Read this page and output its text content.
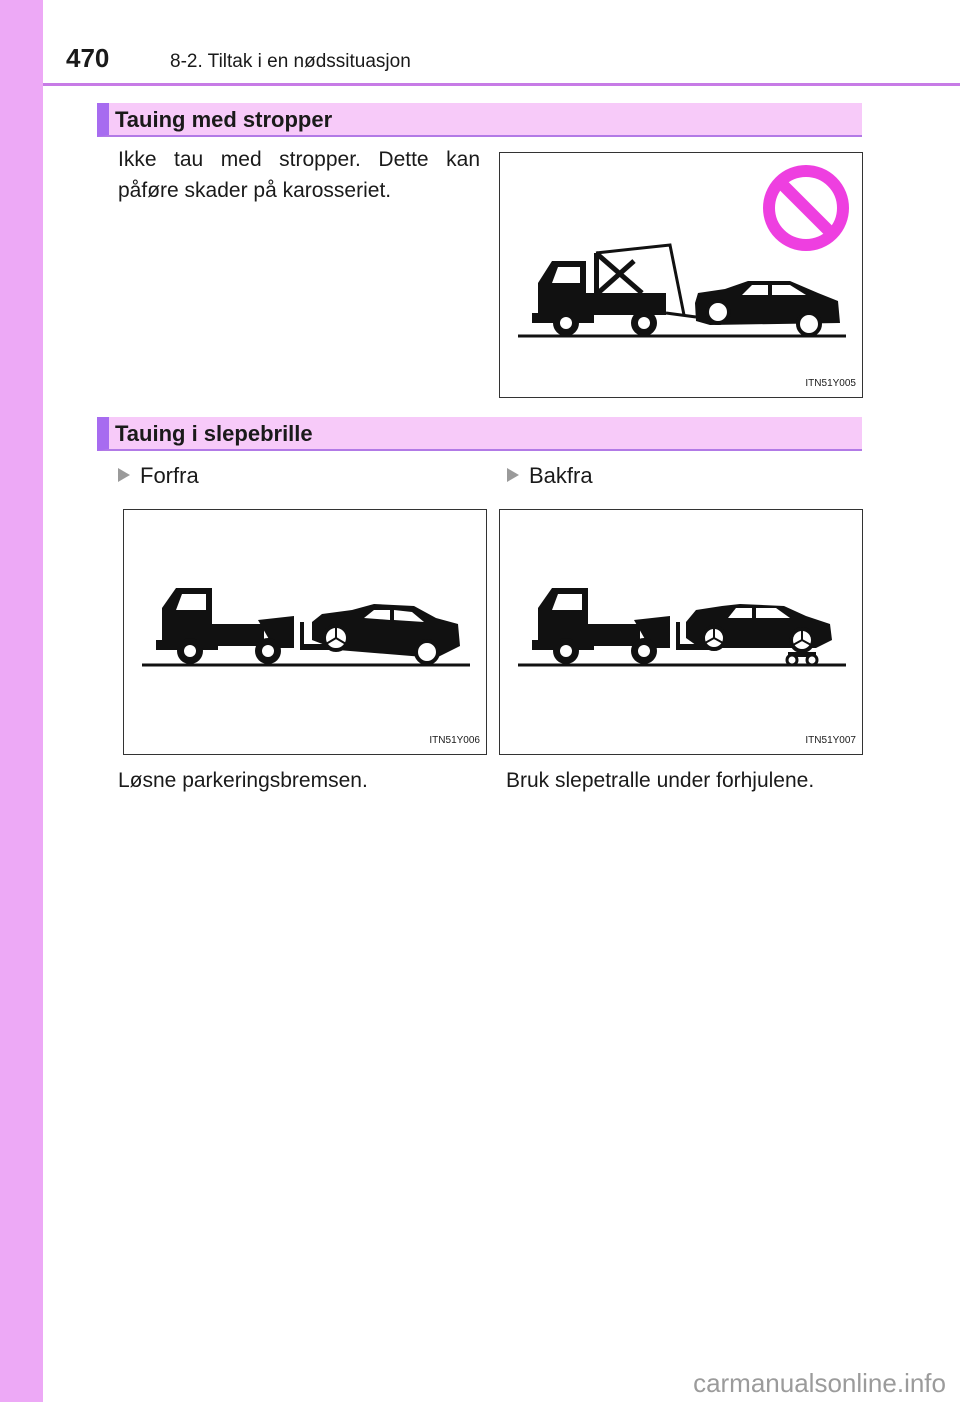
470	8-2. Tiltak i en nødssituasjon
Tauing med stropper
Ikke tau med stropper. Dette kan påføre skader på karosseriet.
ITN51Y005
Tauing i slepebrille
Forfra	Bakfra
ITN51Y006	ITN51Y007
Løsne parkeringsbremsen.	Bruk slepetralle under forhjulene.
carmanualsonline.info
